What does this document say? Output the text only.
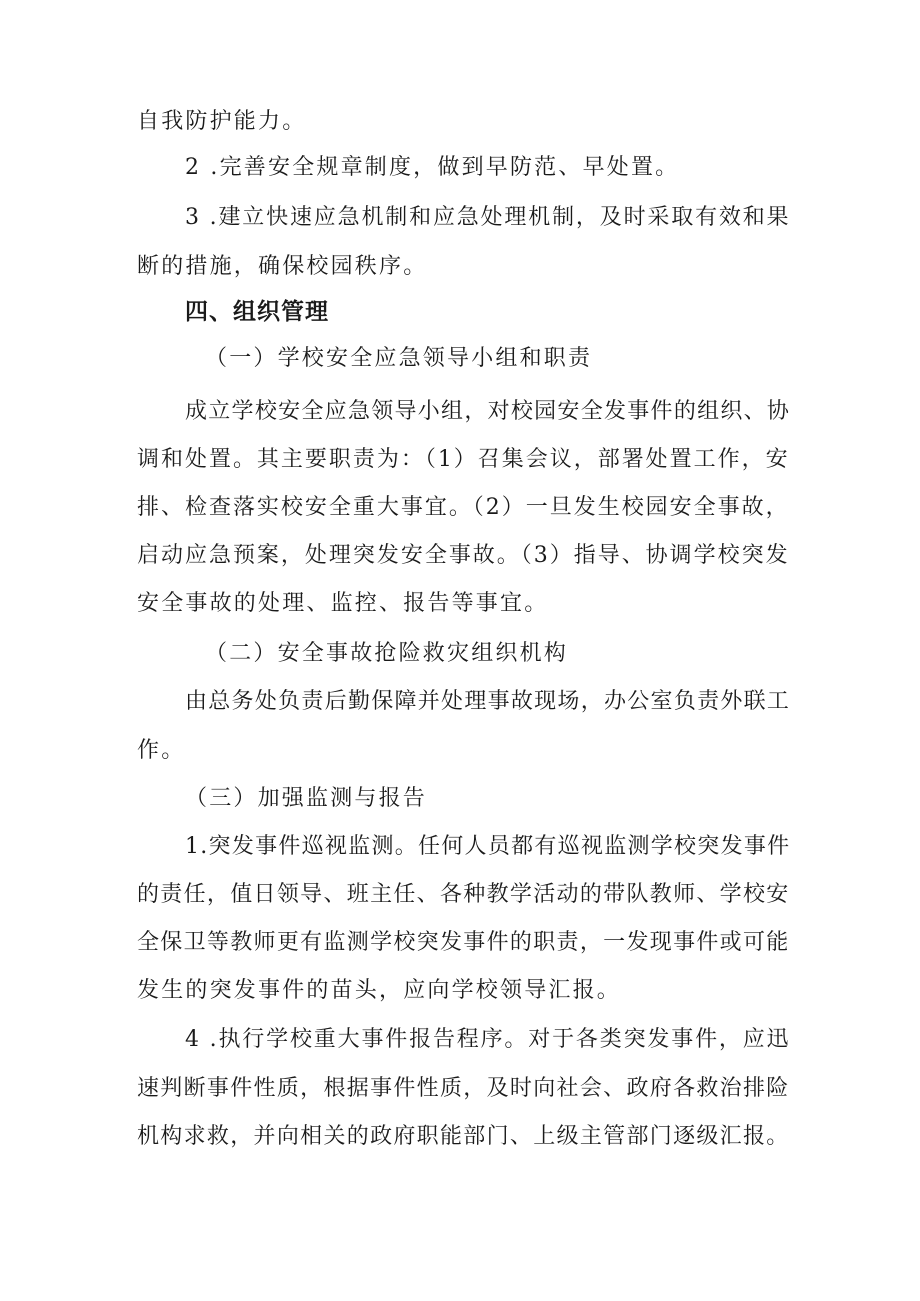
自我防护能力。

2 .完善安全规章制度，做到早防范、早处置。

3 .建立快速应急机制和应急处理机制，及时采取有效和果

断的措施，确保校园秩序。

四、组织管理

（一）学校安全应急领导小组和职责

成立学校安全应急领导小组，对校园安全发事件的组织、协

调和处置。其主要职责为：（1）召集会议，部署处置工作，安

排、检查落实校安全重大事宜。（2）一旦发生校园安全事故，

启动应急预案，处理突发安全事故。（3）指导、协调学校突发

安全事故的处理、监控、报告等事宜。

（二）安全事故抢险救灾组织机构

由总务处负责后勤保障并处理事故现场，办公室负责外联工

作。

（三）加强监测与报告

1.突发事件巡视监测。任何人员都有巡视监测学校突发事件

的责任，值日领导、班主任、各种教学活动的带队教师、学校安

全保卫等教师更有监测学校突发事件的职责，一发现事件或可能

发生的突发事件的苗头，应向学校领导汇报。

4 .执行学校重大事件报告程序。对于各类突发事件，应迅

速判断事件性质，根据事件性质，及时向社会、政府各救治排险

机构求救，并向相关的政府职能部门、上级主管部门逐级汇报。
